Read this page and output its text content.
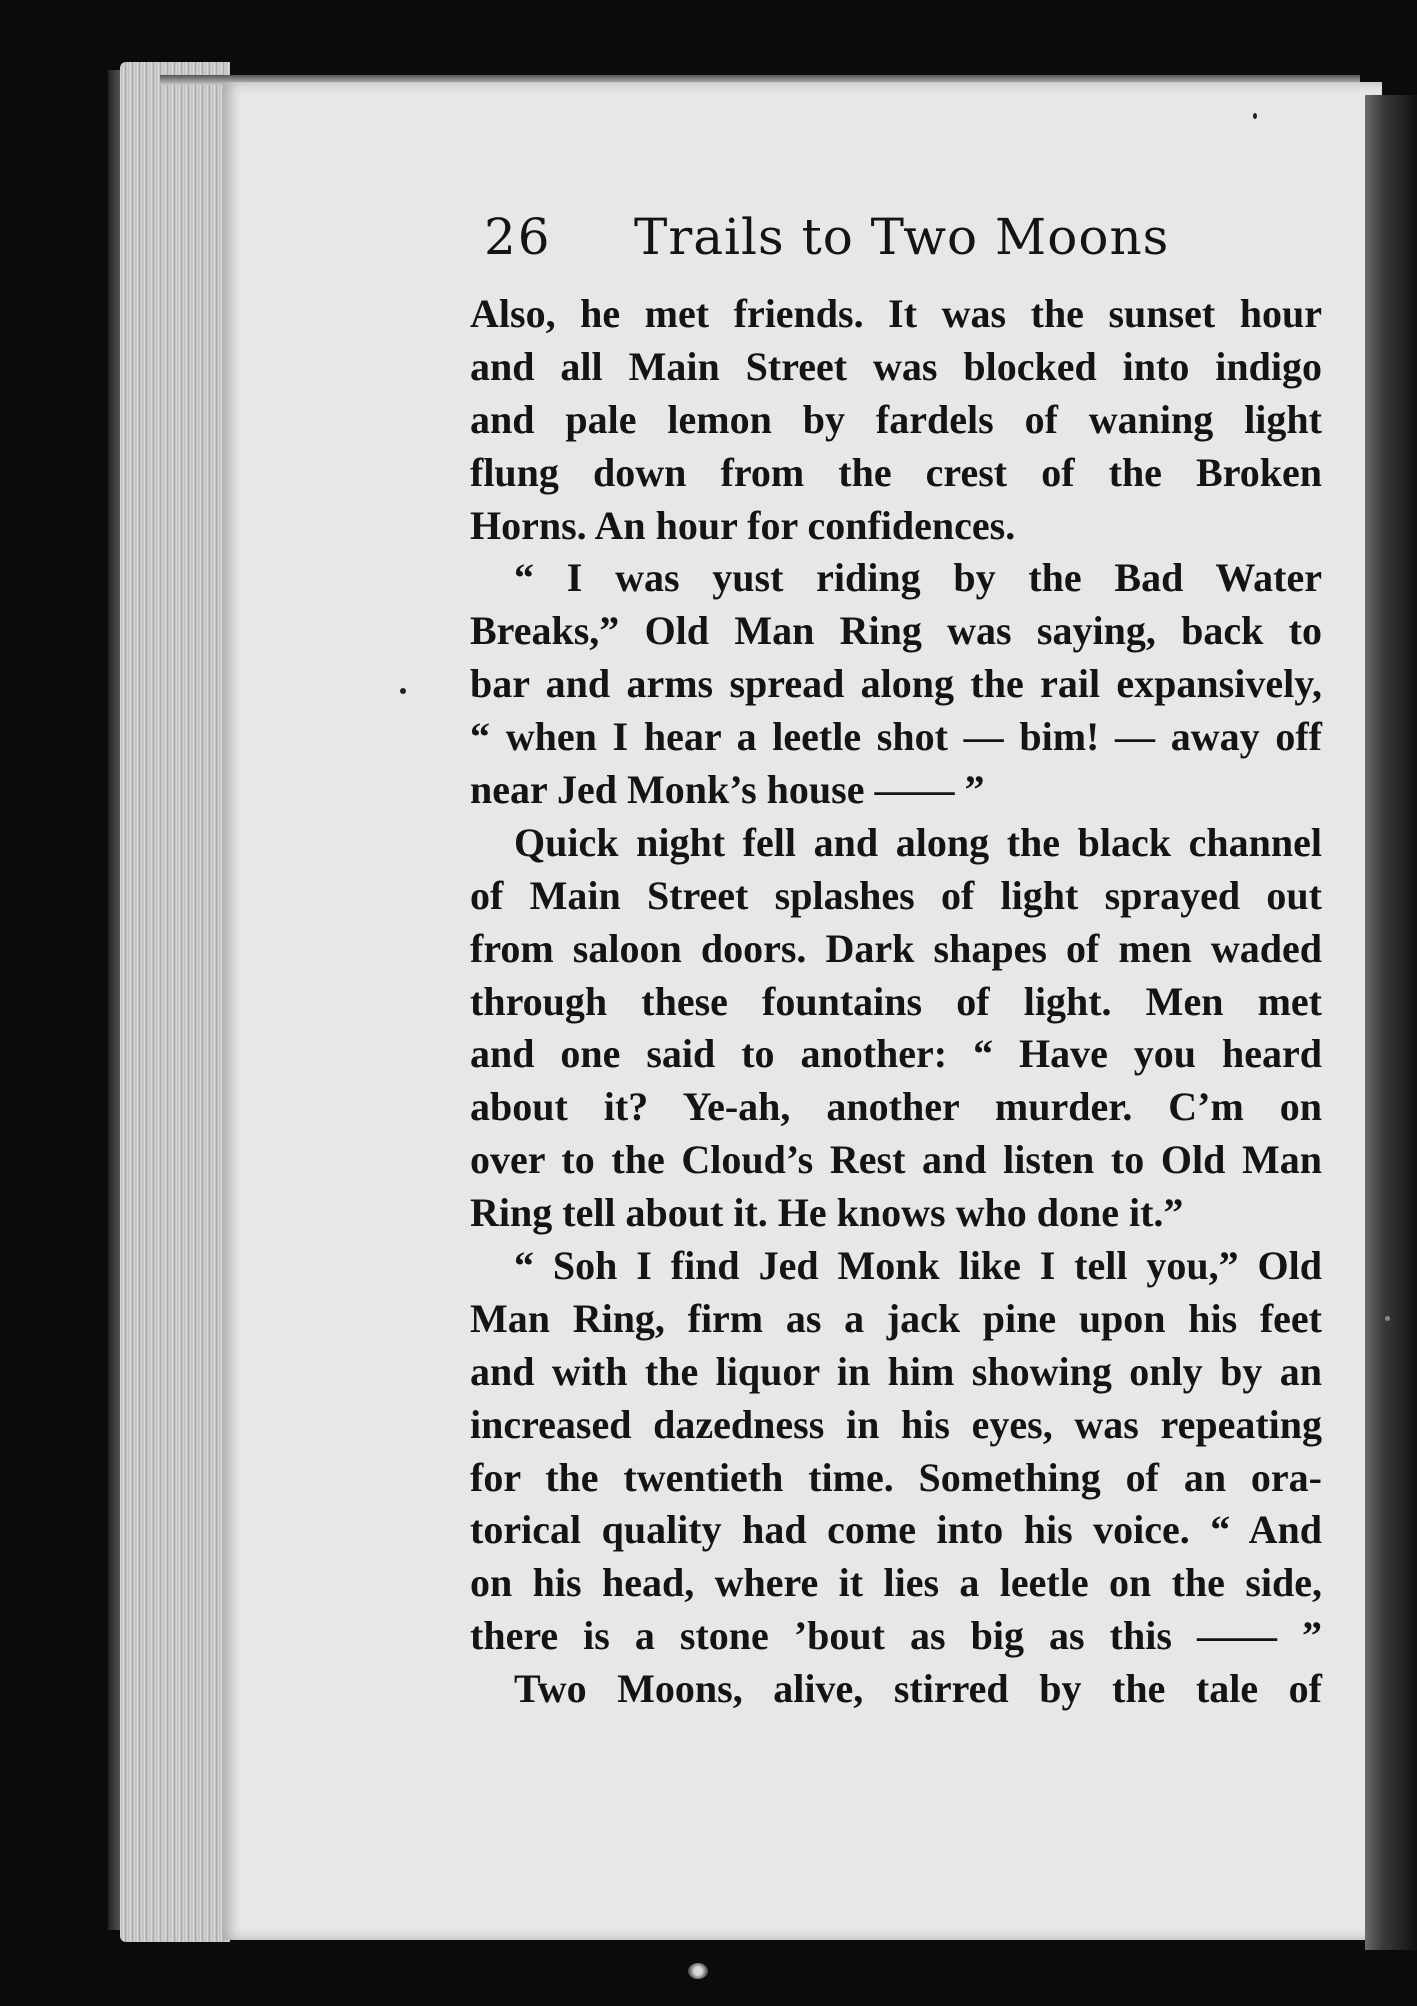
26 Trails to Two Moons
Also, he met friends. It was the sunset hour
and all Main Street was blocked into indigo
and pale lemon by fardels of waning light
flung down from the crest of the Broken
Horns. An hour for confidences.
“ I was yust riding by the Bad Water
Breaks,” Old Man Ring was saying, back to
bar and arms spread along the rail expansively,
“ when I hear a leetle shot — bim! — away off
near Jed Monk’s house —— ”
Quick night fell and along the black channel
of Main Street splashes of light sprayed out
from saloon doors. Dark shapes of men waded
through these fountains of light. Men met
and one said to another: “ Have you heard
about it? Ye-ah, another murder. C’m on
over to the Cloud’s Rest and listen to Old Man
Ring tell about it. He knows who done it.”
“ Soh I find Jed Monk like I tell you,” Old
Man Ring, firm as a jack pine upon his feet
and with the liquor in him showing only by an
increased dazedness in his eyes, was repeating
for the twentieth time. Something of an ora-
torical quality had come into his voice. “ And
on his head, where it lies a leetle on the side,
there is a stone ’bout as big as this —— ”
Two Moons, alive, stirred by the tale of
